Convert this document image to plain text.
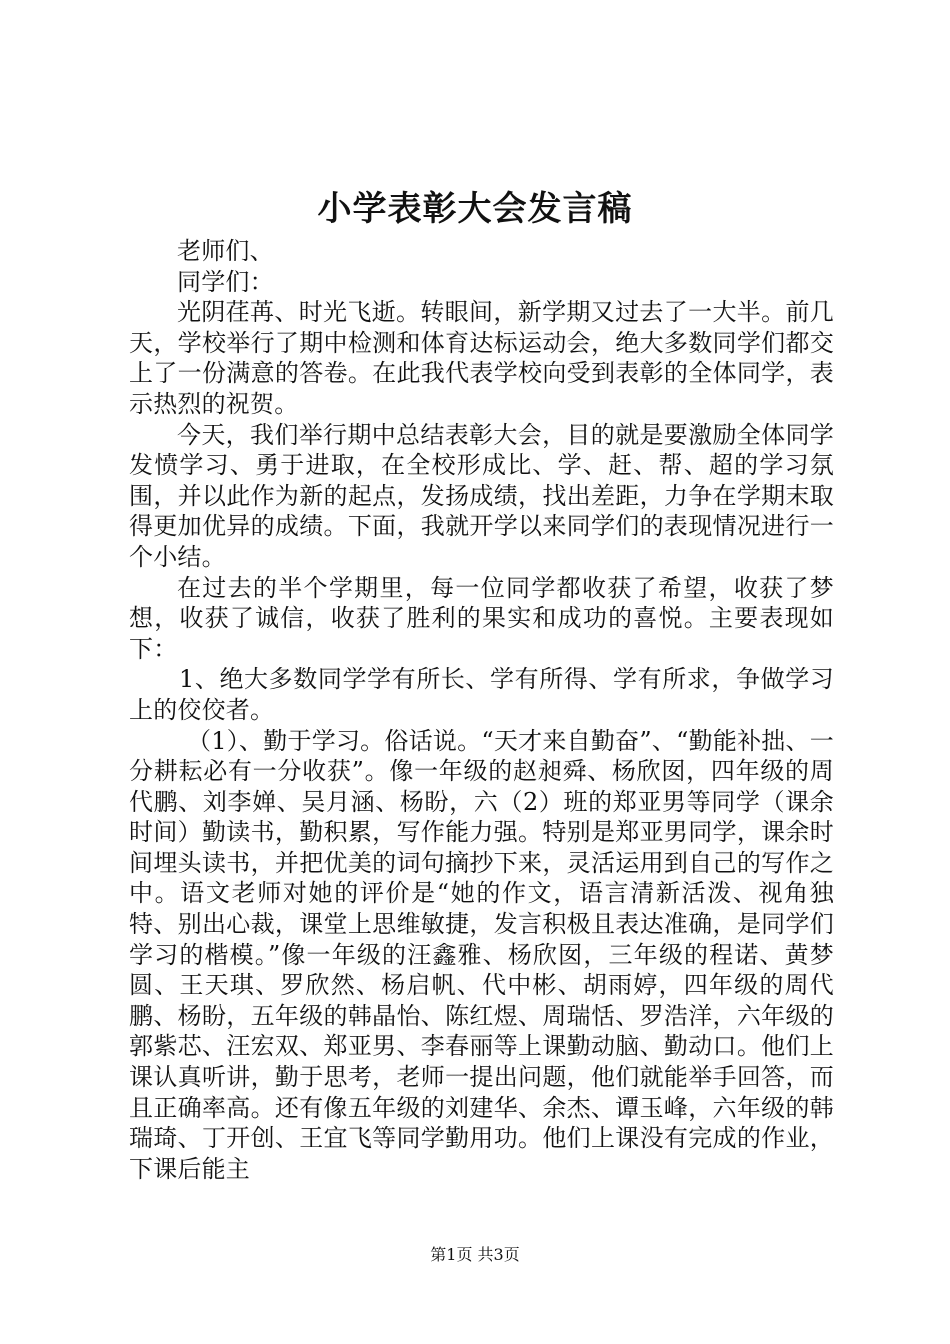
小学表彰大会发言稿

老师们、

同学们：

光阴荏苒、时光飞逝。转眼间，新学期又过去了一大半。前几天，学校举行了期中检测和体育达标运动会，绝大多数同学们都交上了一份满意的答卷。在此我代表学校向受到表彰的全体同学，表示热烈的祝贺。

今天，我们举行期中总结表彰大会，目的就是要激励全体同学发愤学习、勇于进取，在全校形成比、学、赶、帮、超的学习氛围，并以此作为新的起点，发扬成绩，找出差距，力争在学期末取得更加优异的成绩。下面，我就开学以来同学们的表现情况进行一个小结。

在过去的半个学期里，每一位同学都收获了希望，收获了梦想，收获了诚信，收获了胜利的果实和成功的喜悦。主要表现如下：

1、绝大多数同学学有所长、学有所得、学有所求，争做学习上的佼佼者。

（1）、勤于学习。俗话说。“天才来自勤奋”、“勤能补拙、一分耕耘必有一分收获”。像一年级的赵昶舜、杨欣囡，四年级的周代鹏、刘李婵、吴月涵、杨盼，六（2）班的郑亚男等同学（课余时间）勤读书，勤积累，写作能力强。特别是郑亚男同学，课余时间埋头读书，并把优美的词句摘抄下来，灵活运用到自己的写作之中。语文老师对她的评价是“她的作文，语言清新活泼、视角独特、别出心裁，课堂上思维敏捷，发言积极且表达准确，是同学们学习的楷模。”像一年级的汪鑫雅、杨欣囡，三年级的程诺、黄梦圆、王天琪、罗欣然、杨启帆、代中彬、胡雨婷，四年级的周代鹏、杨盼，五年级的韩晶怡、陈红煜、周瑞恬、罗浩洋，六年级的郭紫芯、汪宏双、郑亚男、李春丽等上课勤动脑、勤动口。他们上课认真听讲，勤于思考，老师一提出问题，他们就能举手回答，而且正确率高。还有像五年级的刘建华、余杰、谭玉峰，六年级的韩瑞琦、丁开创、王宜飞等同学勤用功。他们上课没有完成的作业，下课后能主

第1页 共3页
